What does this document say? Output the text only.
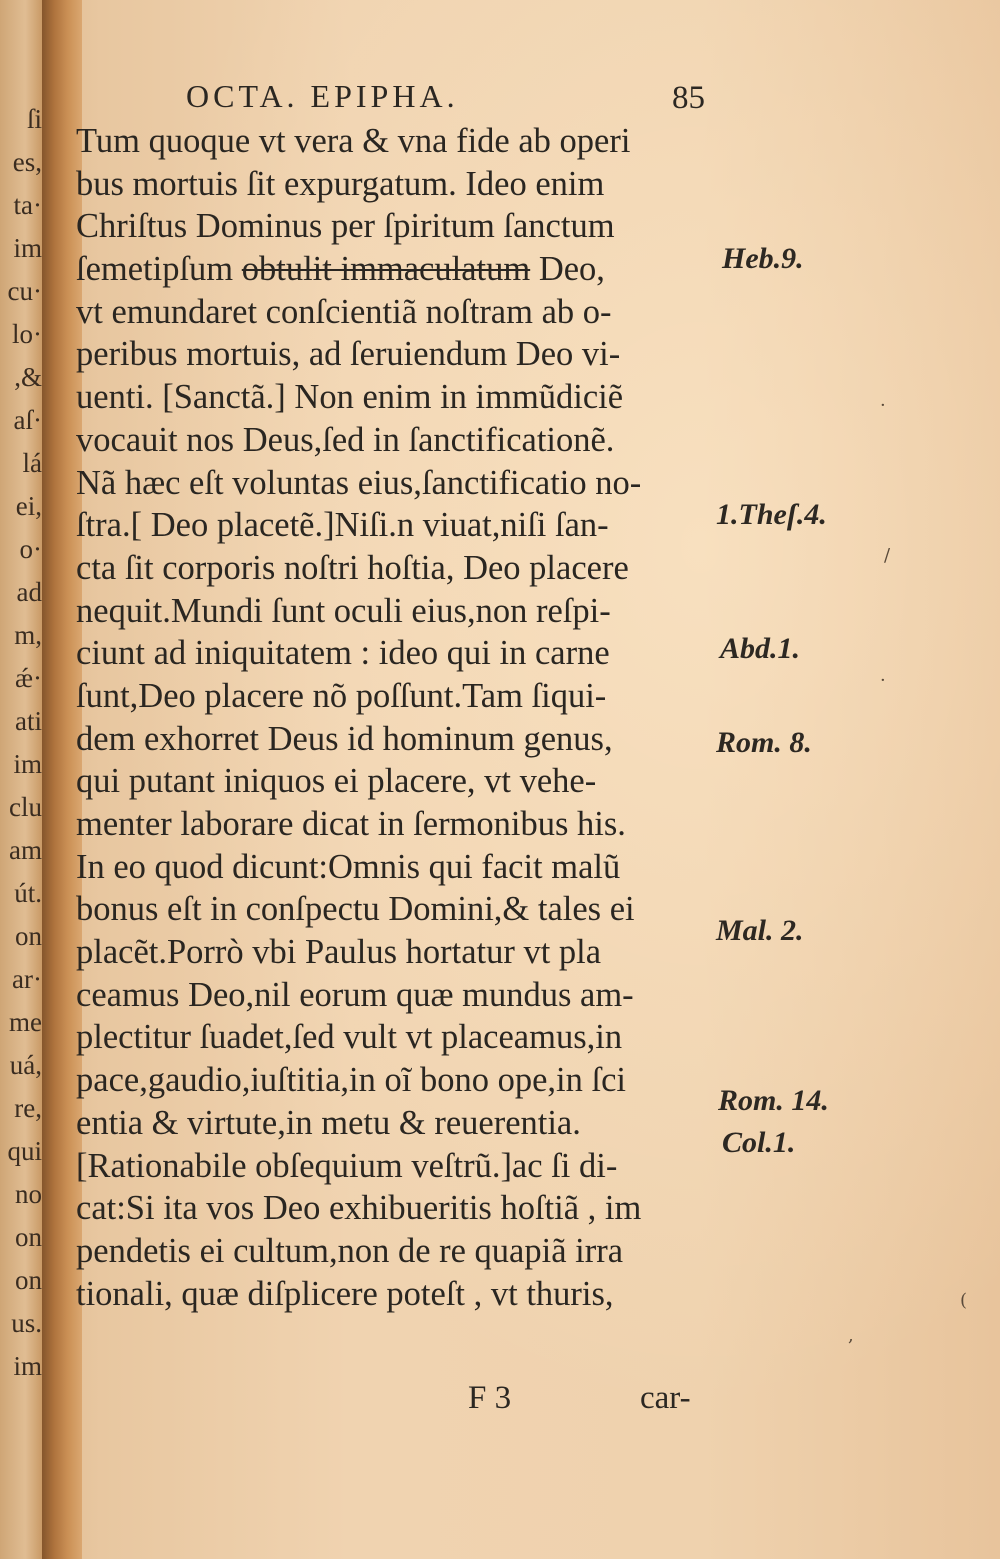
ſi
es,
ta·
im
cu·
lo·
,&
aſ·
lá
ei,
o·
ad
m,
ǽ·
ati
im
clu
am
út.
on
ar·
me
uá,
re,
qui
no
on
on
us.
im
OCTA. EPIPHA.	85
Tum quoque vt vera & vna fide ab operi
bus mortuis ſit expurgatum. Ideo enim
Chriſtus Dominus per ſpiritum ſanctum
ſemetipſum obtulit immaculatum Deo,
vt emundaret conſcientiã noſtram ab o-
peribus mortuis, ad ſeruiendum Deo vi-
uenti. [Sanctã.] Non enim in immũdiciẽ
vocauit nos Deus,ſed in ſanctificationẽ.
Nã hæc eſt voluntas eius,ſanctificatio no-
ſtra.[ Deo placetẽ.]Niſi.n viuat,niſi ſan-
cta ſit corporis noſtri hoſtia, Deo placere
nequit.Mundi ſunt oculi eius,non reſpi-
ciunt ad iniquitatem : ideo qui in carne
ſunt,Deo placere nõ poſſunt.Tam ſiqui-
dem exhorret Deus id hominum genus,
qui putant iniquos ei placere, vt vehe-
menter laborare dicat in ſermonibus his.
In eo quod dicunt:Omnis qui facit malũ
bonus eſt in conſpectu Domini,& tales ei
placẽt.Porrò vbi Paulus hortatur vt pla
ceamus Deo,nil eorum quæ mundus am-
plectitur ſuadet,ſed vult vt placeamus,in
pace,gaudio,iuſtitia,in oĩ bono ope,in ſci
entia & virtute,in metu & reuerentia.
[Rationabile obſequium veſtrũ.]ac ſi di-
cat:Si ita vos Deo exhibueritis hoſtiã , im
pendetis ei cultum,non de re quapiã irra
tionali, quæ diſplicere poteſt , vt thuris,
Heb.9.
1.Theſ.4.
Abd.1.
Rom. 8.
Mal. 2.
Rom. 14.
Col.1.
F 3	car-
·
/
·
(
,
